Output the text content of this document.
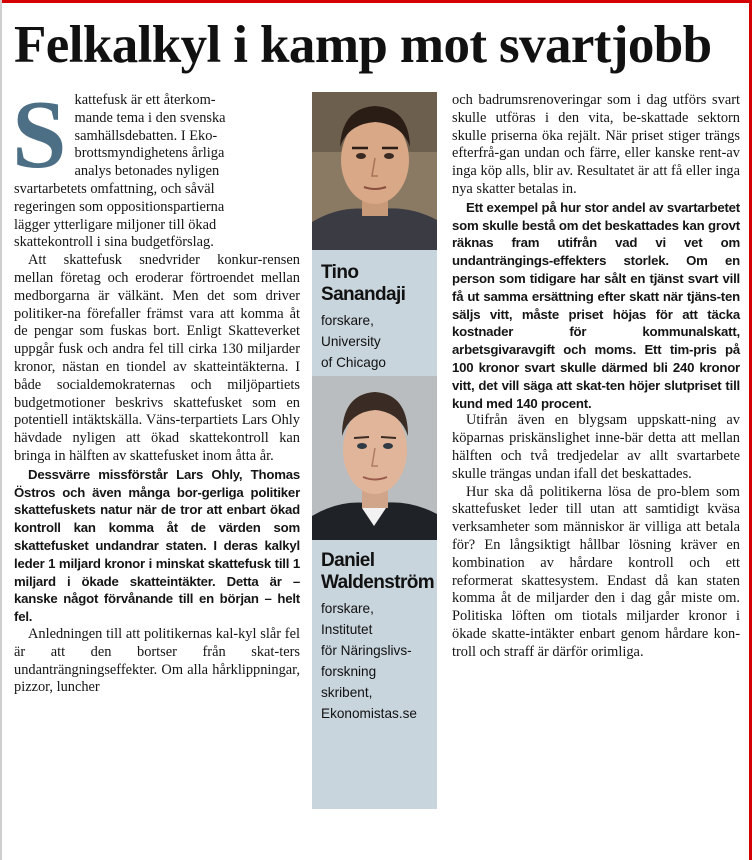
Felkalkyl i kamp mot svartjobb
S kattefusk är ett återkom-
mande tema i den svenska
samhällsdebatten. I Eko-
brottsmyndighetens årliga
analys betonades nyligen
svartarbetets omfattning, och såväl
regeringen som oppositionspartierna
lägger ytterligare miljoner till ökad
skattekontroll i sina budgetförslag.

Att skattefusk snedvrider konkur-rensen mellan företag och eroderar förtroendet mellan medborgarna är välkänt. Men det som driver politiker-na förefaller främst vara att komma åt de pengar som fuskas bort. Enligt Skatteverket uppgår fusk och andra fel till cirka 130 miljarder kronor, nästan en tiondel av skatteintäkterna. I både socialdemokraternas och miljöpartiets budgetmotioner beskrivs skattefusket som en potentiell intäktskälla. Väns-terpartiets Lars Ohly hävdade nyligen att ökad skattekontroll kan bringa in hälften av skattefusket inom åtta år.

Dessvärre missförstår Lars Ohly, Thomas Östros och även många bor-gerliga politiker skattefuskets natur när de tror att enbart ökad kontroll kan komma åt de värden som skattefusket undandrar staten. I deras kalkyl leder 1 miljard kronor i minskat skattefusk till 1 miljard i ökade skatteintäkter. Detta är – kanske något förvånande till en början – helt fel.

Anledningen till att politikernas kal-kyl slår fel är att den bortser från skat-ters undanträngningseffekter. Om alla hårklippningar, pizzor, luncher

Tino
Sanandaji
forskare,
University
of Chicago
Daniel
Waldenström
forskare,
Institutet
för Näringslivs-
forskning
skribent,
Ekonomistas.se

och badrumsrenoveringar som i dag utförs svart skulle utföras i den vita, be-skattade sektorn skulle priserna öka rejält. När priset stiger trängs efterfrå-gan undan och färre, eller kanske rent-av inga köp alls, blir av. Resultatet är att få eller inga nya skatter betalas in.

Ett exempel på hur stor andel av svartarbetet som skulle bestå om det beskattades kan grovt räknas fram utifrån vad vi vet om undanträngings-effekters storlek. Om en person som tidigare har sålt en tjänst svart vill få ut samma ersättning efter skatt när tjäns-ten säljs vitt, måste priset höjas för att täcka kostnader för kommunalskatt, arbetsgivaravgift och moms. Ett tim-pris på 100 kronor svart skulle därmed bli 240 kronor vitt, det vill säga att skat-ten höjer slutpriset till kund med 140 procent.

Utifrån även en blygsam uppskatt-ning av köparnas priskänslighet inne-bär detta att mellan hälften och två tredjedelar av allt svartarbete skulle trängas undan ifall det beskattades.

Hur ska då politikerna lösa de pro-blem som skattefusket leder till utan att samtidigt kväsa verksamheter som människor är villiga att betala för? En långsiktigt hållbar lösning kräver en kombination av hårdare kontroll och ett reformerat skattesystem. Endast då kan staten komma åt de miljarder den i dag går miste om. Politiska löften om tiotals miljarder kronor i ökade skatte-intäkter enbart genom hårdare kon-troll och straff är därför orimliga.
